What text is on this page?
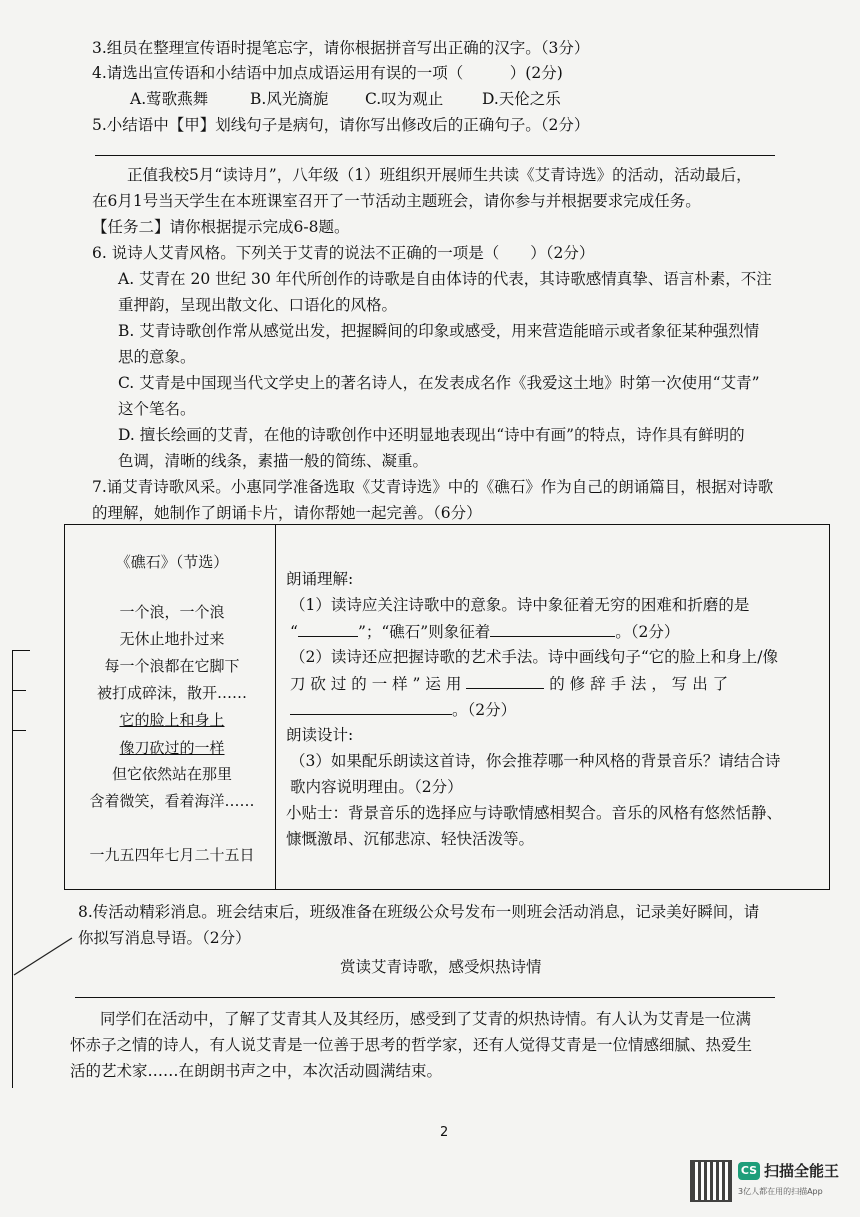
3.组员在整理宣传语时提笔忘字，请你根据拼音写出正确的汉字。（3分）
4.请选出宣传语和小结语中加点成语运用有误的一项（　　　）(2分)
A.莺歌燕舞	B.风光旖旎 C.叹为观止	D.天伦之乐
5.小结语中【甲】划线句子是病句，请你写出修改后的正确句子。（2分）
正值我校5月“读诗月”，八年级（1）班组织开展师生共读《艾青诗选》的活动，活动最后，
在6月1号当天学生在本班课室召开了一节活动主题班会，请你参与并根据要求完成任务。
【任务二】请你根据提示完成6-8题。
6. 说诗人艾青风格。下列关于艾青的说法不正确的一项是（　　）（2分）
A. 艾青在 20 世纪 30 年代所创作的诗歌是自由体诗的代表，其诗歌感情真挚、语言朴素，不注
重押韵，呈现出散文化、口语化的风格。
B. 艾青诗歌创作常从感觉出发，把握瞬间的印象或感受，用来营造能暗示或者象征某种强烈情
思的意象。
C. 艾青是中国现当代文学史上的著名诗人，在发表成名作《我爱这土地》时第一次使用“艾青”
这个笔名。
D. 擅长绘画的艾青，在他的诗歌创作中还明显地表现出“诗中有画”的特点，诗作具有鲜明的
色调，清晰的线条，素描一般的简练、凝重。
7.诵艾青诗歌风采。小惠同学准备选取《艾青诗选》中的《礁石》作为自己的朗诵篇目，根据对诗歌
的理解，她制作了朗诵卡片，请你帮她一起完善。（6分）
《礁石》（节选）
一个浪，一个浪
无休止地扑过来
每一个浪都在它脚下
被打成碎沫，散开……
它的脸上和身上
像刀砍过的一样
但它依然站在那里
含着微笑，看着海洋……
一九五四年七月二十五日
朗诵理解:
（1）读诗应关注诗歌中的意象。诗中象征着无穷的困难和折磨的是
“	”；“礁石”则象征着	。（2分）
（2）读诗还应把握诗歌的艺术手法。诗中画线句子“它的脸上和身上/像
刀 砍 过 的 一 样 ” 运 用	的 修 辞 手 法 ， 写 出 了
。（2分）
朗读设计:
（3）如果配乐朗读这首诗，你会推荐哪一种风格的背景音乐？请结合诗
歌内容说明理由。（2分）
小贴士：背景音乐的选择应与诗歌情感相契合。音乐的风格有悠然恬静、
慷慨激昂、沉郁悲凉、轻快活泼等。
8.传活动精彩消息。班会结束后，班级准备在班级公众号发布一则班会活动消息，记录美好瞬间，请
你拟写消息导语。（2分）
赏读艾青诗歌，感受炽热诗情
同学们在活动中，了解了艾青其人及其经历，感受到了艾青的炽热诗情。有人认为艾青是一位满
怀赤子之情的诗人，有人说艾青是一位善于思考的哲学家，还有人觉得艾青是一位情感细腻、热爱生
活的艺术家……在朗朗书声之中，本次活动圆满结束。
2
CS 扫描全能王
3亿人都在用的扫描App
